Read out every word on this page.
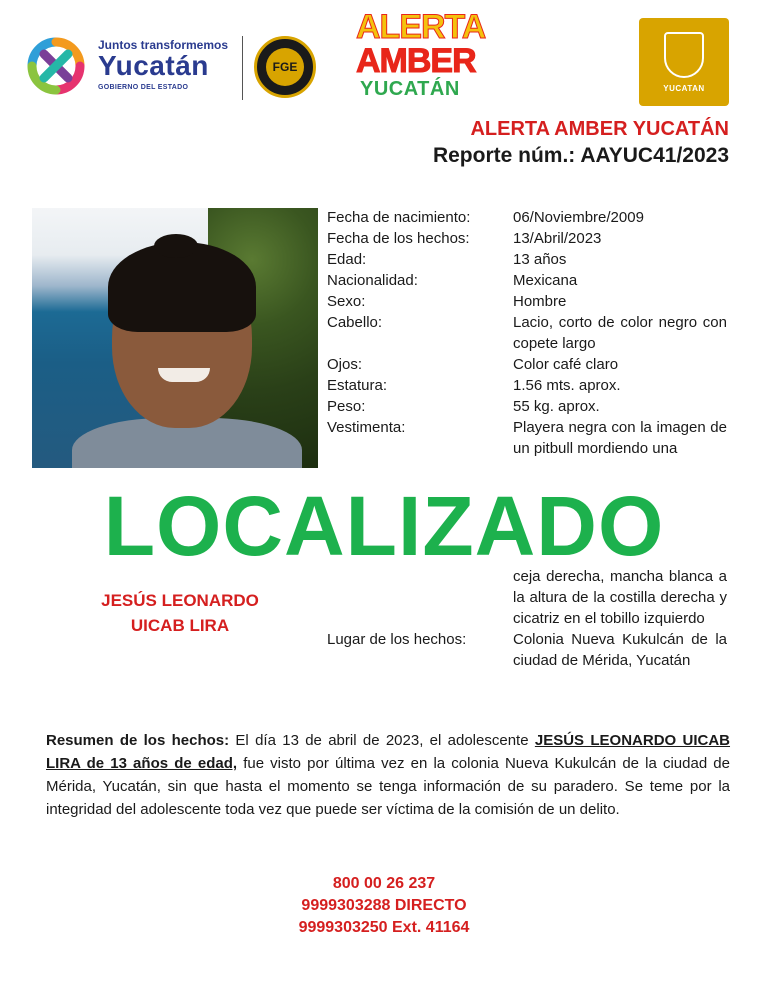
Juntos transformemos
Yucatán
GOBIERNO DEL ESTADO
FGE
ALERTA
AMBER
YUCATÁN	YUCATAN
ALERTA AMBER YUCATÁN
Reporte núm.: AAYUC41/2023
Fecha de nacimiento:	06/Noviembre/2009
Fecha de los hechos:	13/Abril/2023
Edad:	13 años
Nacionalidad:	Mexicana
Sexo:	Hombre
Cabello:	Lacio, corto de color negro con copete largo
Ojos:	Color café claro
Estatura:	1.56 mts. aprox.
Peso:	55 kg. aprox.
Vestimenta:	Playera negra con la imagen de un pitbull mordiendo una
LOCALIZADO
JESÚS LEONARDO
UICAB LIRA
ceja derecha, mancha blanca a la altura de la costilla derecha y cicatriz en el tobillo izquierdo
Lugar de los hechos:	Colonia Nueva Kukulcán de la ciudad de Mérida, Yucatán
Resumen de los hechos: El día 13 de abril de 2023, el adolescente JESÚS LEONARDO UICAB LIRA de 13 años de edad, fue visto por última vez en la colonia Nueva Kukulcán de la ciudad de Mérida, Yucatán, sin que hasta el momento se tenga información de su paradero. Se teme por la integridad del adolescente toda vez que puede ser víctima de la comisión de un delito.
800 00 26 237
9999303288 DIRECTO
9999303250 Ext. 41164
